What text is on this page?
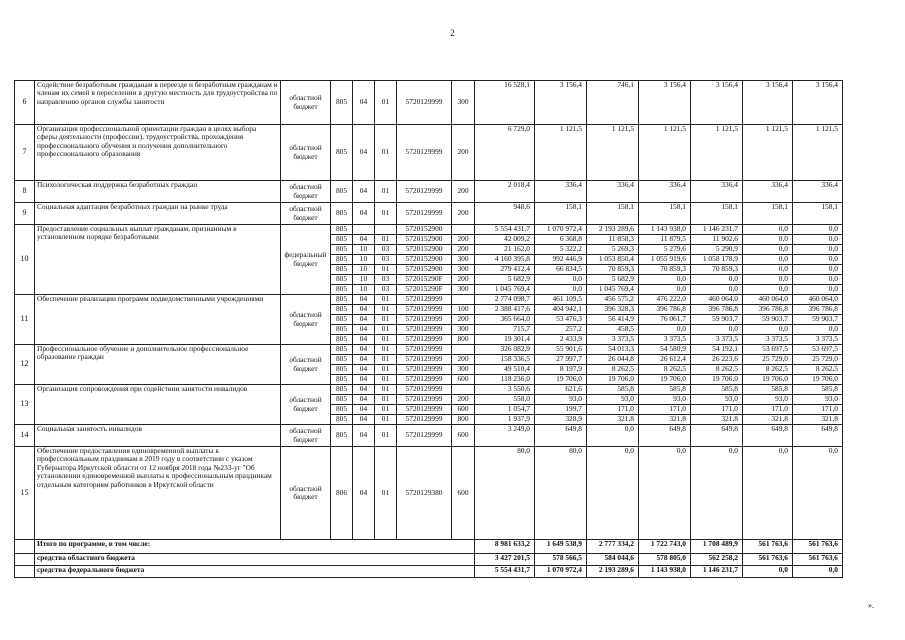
2
6	Содействие безработным гражданам в переезде и безработным гражданам и членам их семей в переселении в другую местность для трудоустройства по направлению органов службы занятости	областной бюджет	805	04	01	5720129999	300	16 528,1	3 156,4	746,1	3 156,4	3 156,4	3 156,4	3 156,4
7	Организация профессиональной ориентации граждан в целях выбора сферы деятельности (профессии), трудоустройства, прохождения профессионального обучения и получения дополнительного профессионального образования	областной бюджет	805	04	01	5720129999	200	6 729,0	1 121,5	1 121,5	1 121,5	1 121,5	1 121,5	1 121,5
8	Психологическая поддержка безработных граждан	областной бюджет	805	04	01	5720129999	200	2 018,4	336,4	336,4	336,4	336,4	336,4	336,4
9	Социальная адаптация безработных граждан на рынке труда	областной бюджет	805	04	01	5720129999	200	948,6	158,1	158,1	158,1	158,1	158,1	158,1
10	Предоставление социальных выплат гражданам, признанным в установленном порядке безработными	федеральный бюджет	805			5720152900		5 554 431,7	1 070 972,4	2 193 289,6	1 143 938,0	1 146 231,7	0,0	0,0
			805	04	01	5720152900	200	42 009,2	6 368,8	11 858,3	11 879,5	11 902,6	0,0	0,0
			805	10	03	5720152900	200	21 162,0	5 322,2	5 269,3	5 279,6	5 290,9	0,0	0,0
			805	10	03	5720152900	300	4 160 395,8	992 446,9	1 053 850,4	1 055 919,6	1 058 178,9	0,0	0,0
			805	10	01	5720152900	300	279 412,4	66 834,5	70 859,3	70 859,3	70 859,3	0,0	0,0
			805	10	03	572015290F	200	5 682,9	0,0	5 682,9	0,0	0,0	0,0	0,0
			805	10	03	572015290F	300	1 045 769,4	0,0	1 045 769,4	0,0	0,0	0,0	0,0
11	Обеспечение реализации программ подведомственными учреждениями	областной бюджет	805	04	01	5720129999		2 774 098,7	461 109,5	456 575,2	476 222,0	460 064,0	460 064,0	460 064,0
			805	04	01	5720129999	100	2 388 417,6	404 942,1	396 328,3	396 786,8	396 786,8	396 786,8	396 786,8
			805	04	01	5720129999	200	365 664,0	53 476,3	56 414,9	76 061,7	59 903,7	59 903,7	59 903,7
			805	04	01	5720129999	300	715,7	257,2	458,5	0,0	0,0	0,0	0,0
			805	04	01	5720129999	800	19 301,4	2 433,9	3 373,5	3 373,5	3 373,5	3 373,5	3 373,5
12	Профессиональное обучение и дополнительное профессиональное образование граждан	областной бюджет	805	04	01	5720129999		326 082,9	55 901,6	54 013,3	54 580,9	54 192,1	53 697,5	53 697,5
			805	04	01	5720129999	200	158 336,5	27 997,7	26 044,8	26 612,4	26 223,6	25 729,0	25 729,0
			805	04	01	5720129999	300	49 510,4	8 197,9	8 262,5	8 262,5	8 262,5	8 262,5	8 262,5
			805	04	01	5720129999	600	118 236,0	19 706,0	19 706,0	19 706,0	19 706,0	19 706,0	19 706,0
13	Организация сопровождения при содействии занятости инвалидов	областной бюджет	805	04	01	5720129999		3 550,6	621,6	585,8	585,8	585,8	585,8	585,8
			805	04	01	5720129999	200	558,0	93,0	93,0	93,0	93,0	93,0	93,0
			805	04	01	5720129999	600	1 054,7	199,7	171,0	171,0	171,0	171,0	171,0
			805	04	01	5720129999	800	1 937,9	328,9	321,8	321,8	321,8	321,8	321,8
14	Социальная занятость инвалидов	областной бюджет	805	04	01	5720129999	600	3 249,0	649,8	0,0	649,8	649,8	649,8	649,8
15	Обеспечение предоставления единовременной выплаты к профессиональным праздникам в 2019 году в соответствии с указом Губернатора Иркутской области от 12 ноября 2018 года №233-уг "Об установлении единовременной выплаты к профессиональным праздникам отдельным категориям работников в Иркутской области	областной бюджет	806	04	01	5720129380	600	80,0	80,0	0,0	0,0	0,0	0,0	0,0
	Итого по программе, в том числе:							8 981 633,2	1 649 538,9	2 777 334,2	1 722 743,0	1 708 489,9	561 763,6	561 763,6
	средства областного бюджета							3 427 201,5	578 566,5	584 044,6	578 805,0	562 258,2	561 763,6	561 763,6
	средства федерального бюджета							5 554 431,7	1 070 972,4	2 193 289,6	1 143 938,0	1 146 231,7	0,0	0,0
».
